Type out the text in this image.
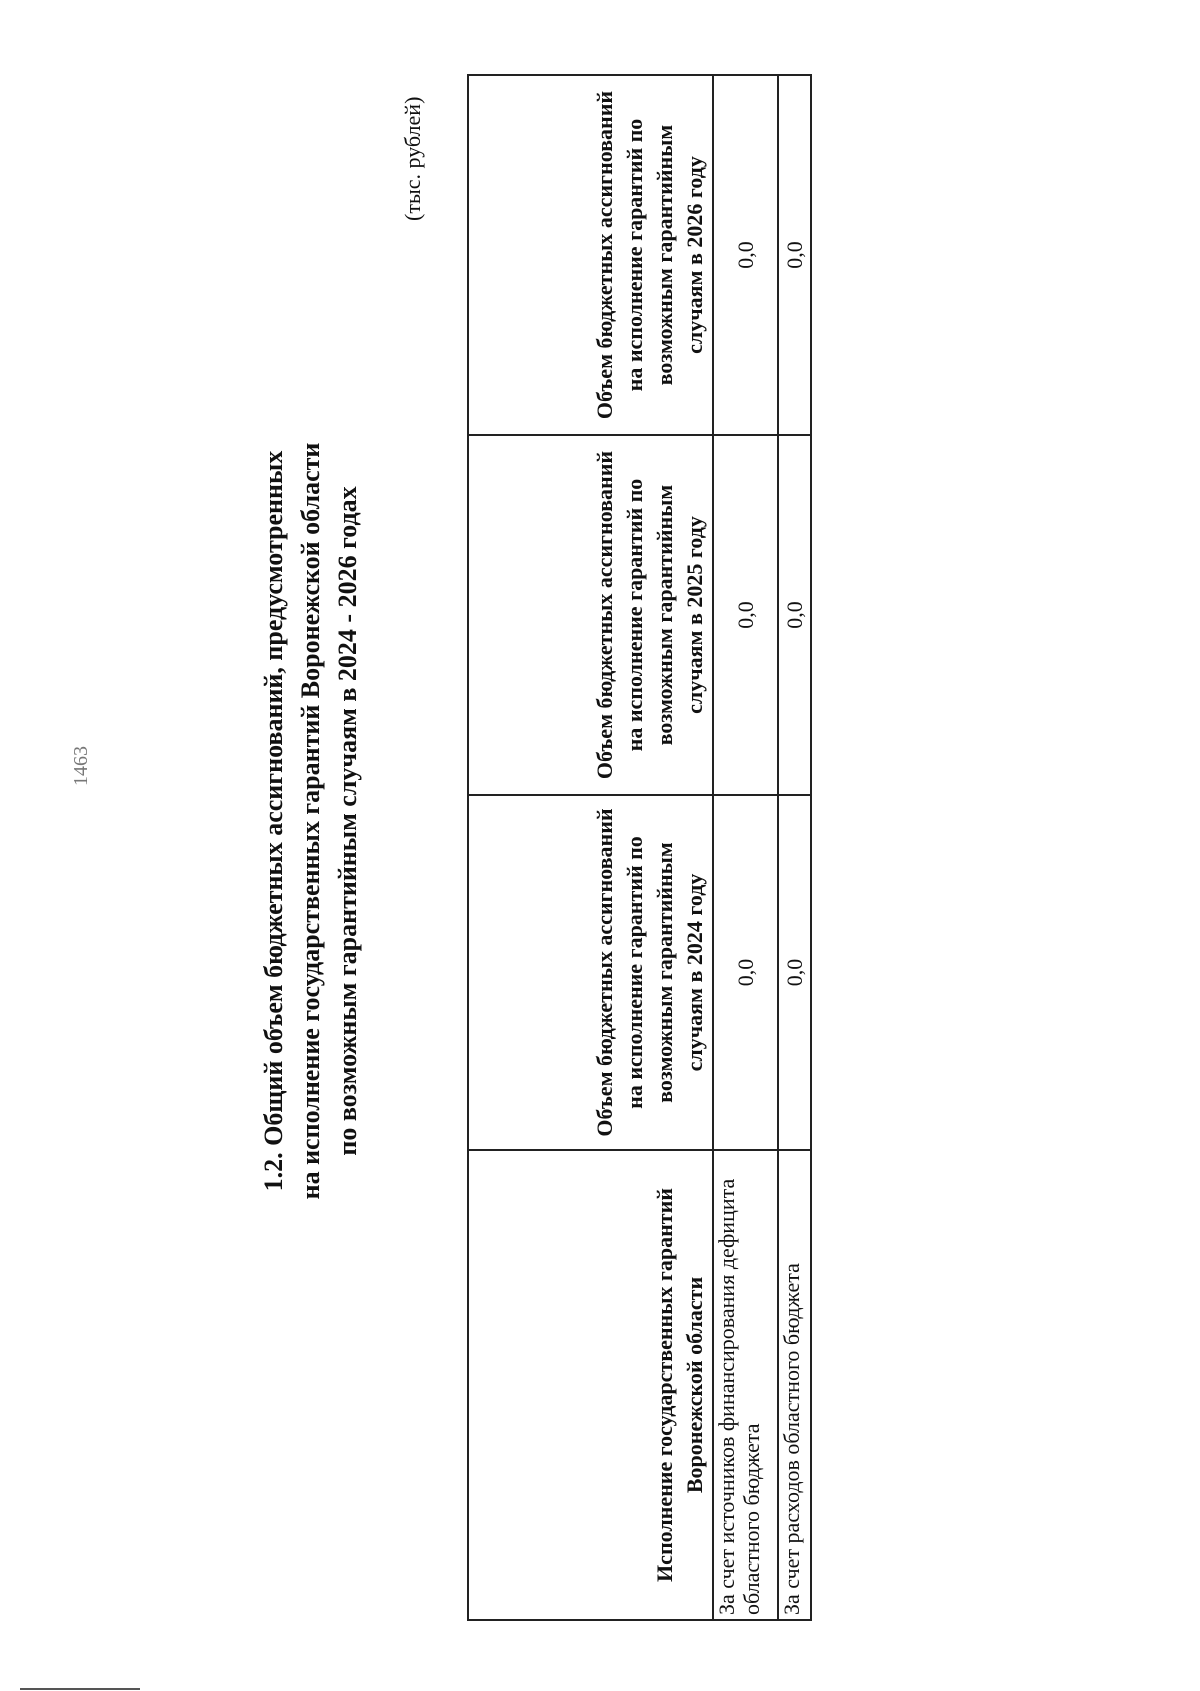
1463	1.2. Общий объем бюджетных ассигнований, предусмотренных на исполнение государственных гарантий Воронежской области по возможным гарантийным случаям в 2024 - 2026 годах
(тыс. рублей)
Исполнение государственных гарантий Воронежской области	Объем бюджетных ассигнований на исполнение гарантий по возможным гарантийным случаям в 2024 году	Объем бюджетных ассигнований на исполнение гарантий по возможным гарантийным случаям в 2025 году	Объем бюджетных ассигнований на исполнение гарантий по возможным гарантийным случаям в 2026 году
За счет источников финансирования дефицита областного бюджета	0,0	0,0	0,0
За счет расходов областного бюджета	0,0	0,0	0,0
